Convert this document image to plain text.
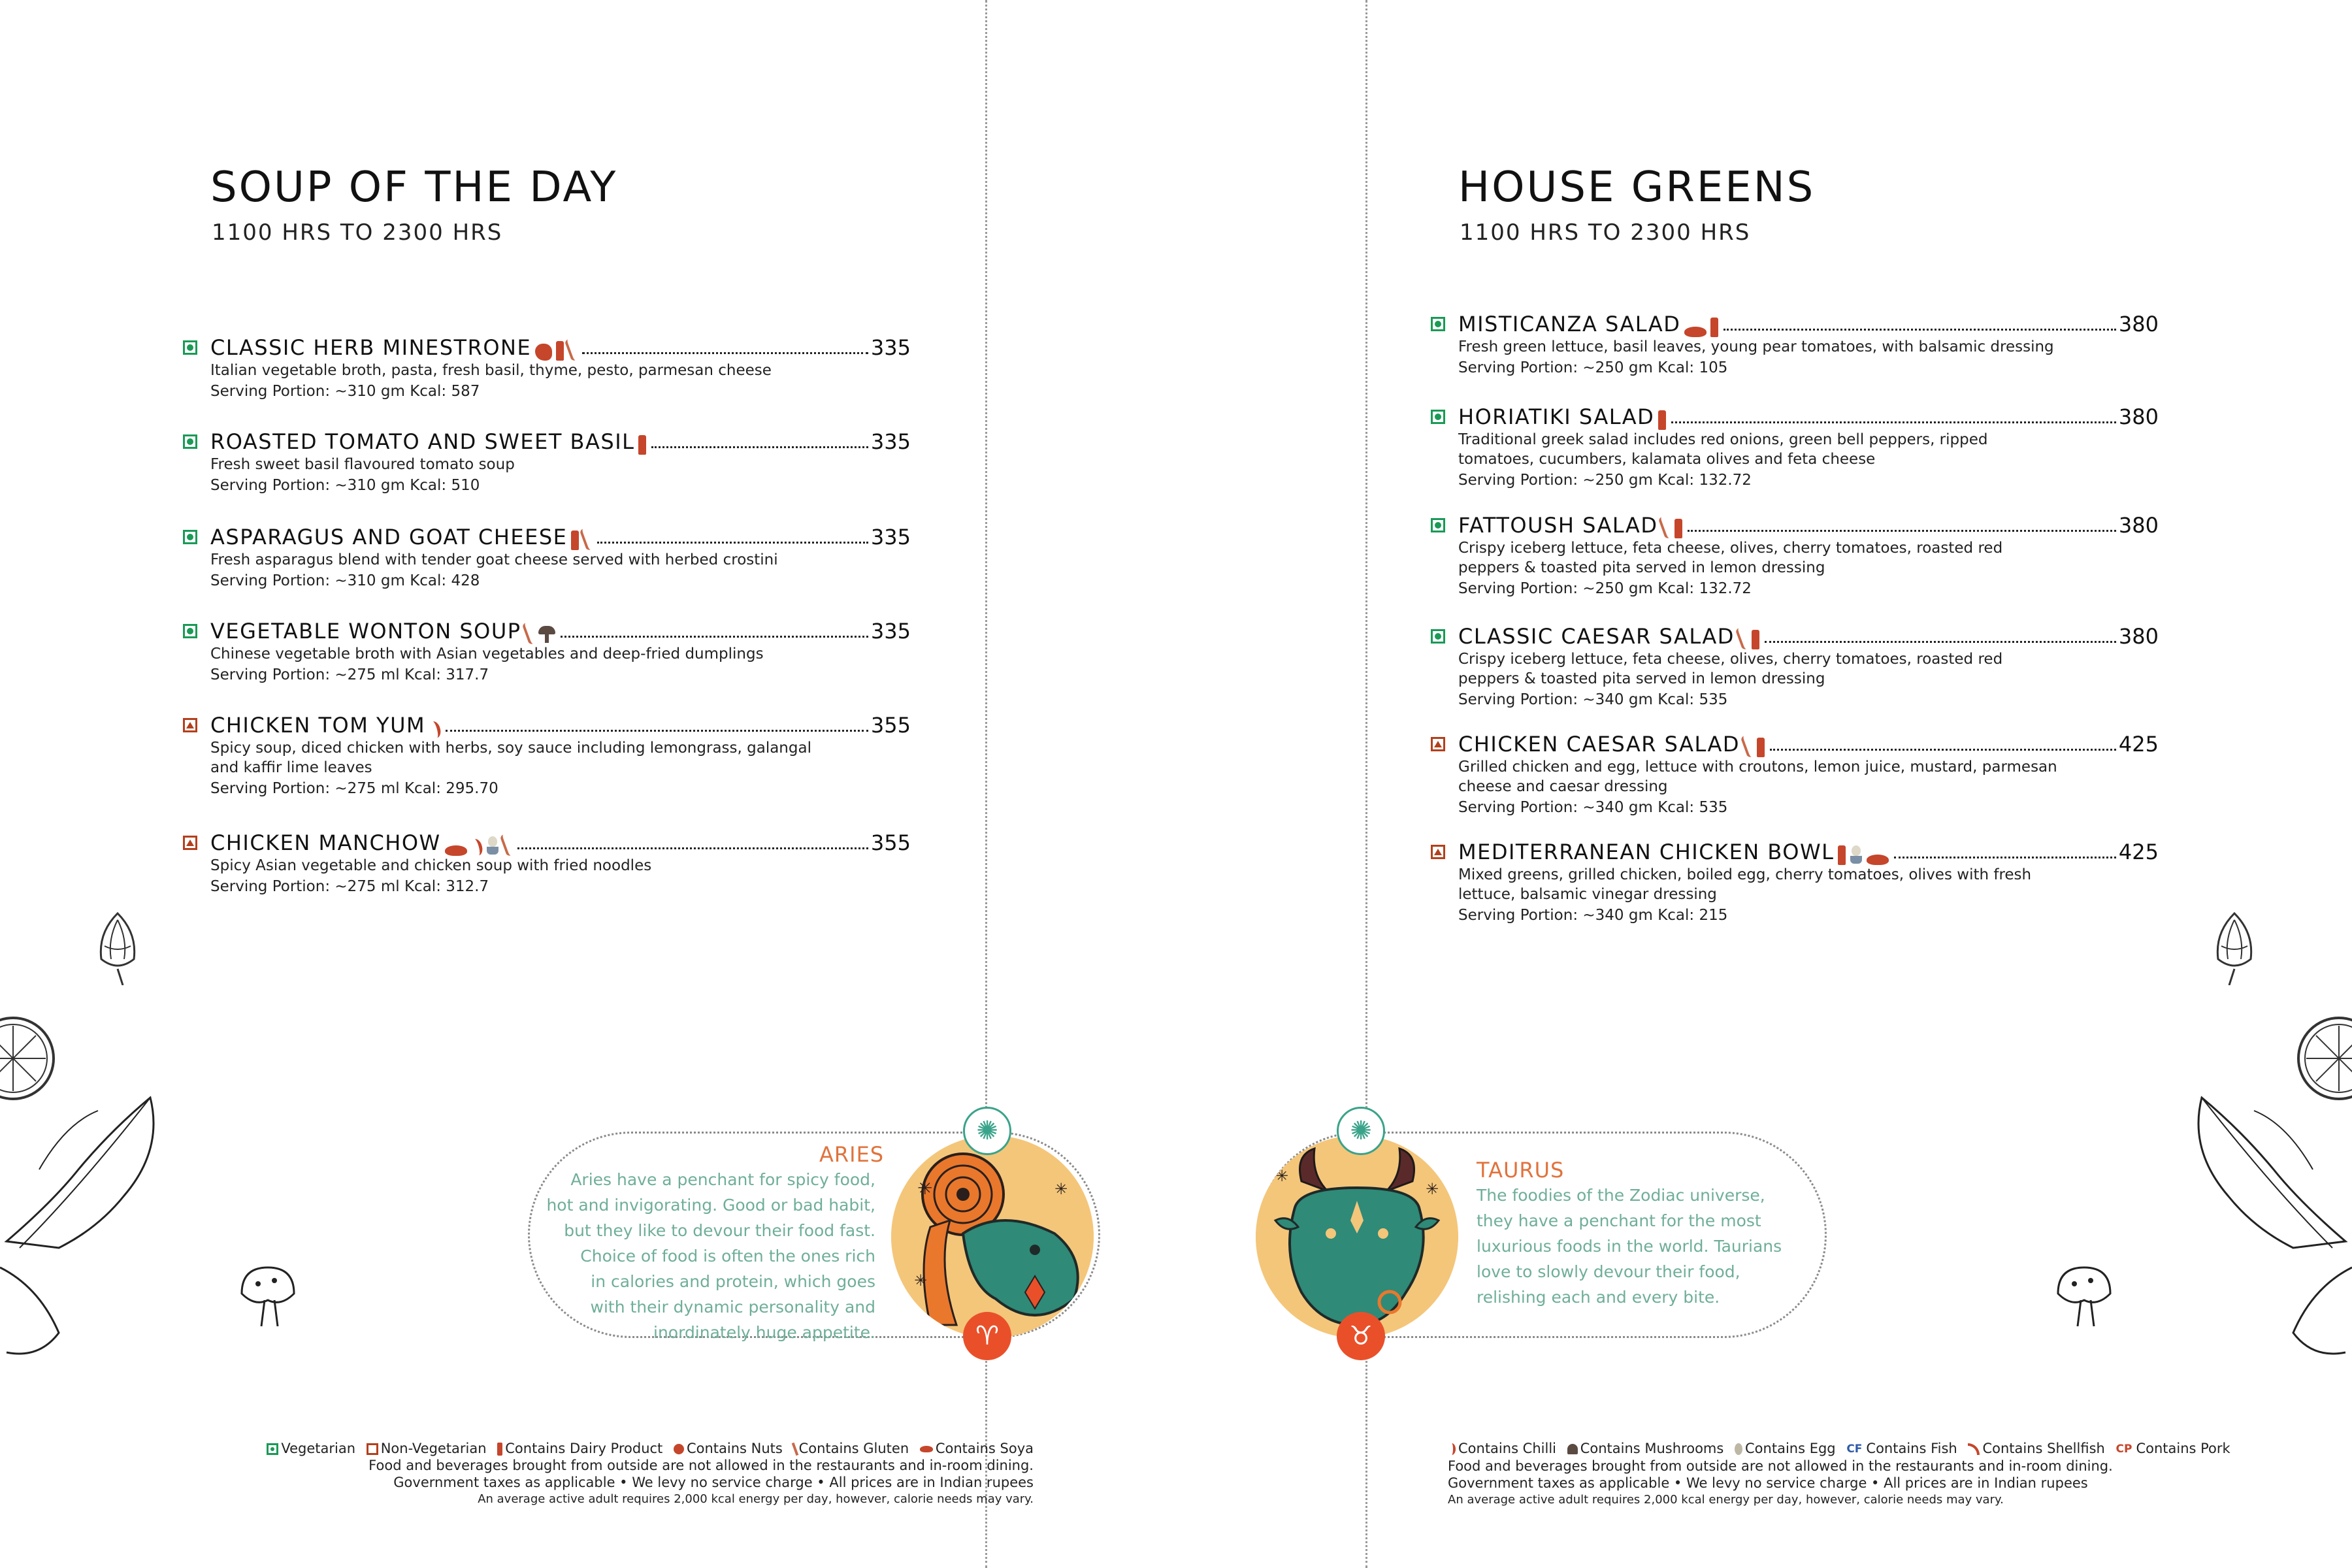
SOUP OF THE DAY
1100 HRS TO 2300 HRS
CLASSIC HERB MINESTRONE	335
Italian vegetable broth, pasta, fresh basil, thyme, pesto, parmesan cheese
Serving Portion: ~310 gm Kcal: 587
ROASTED TOMATO AND SWEET BASIL	335
Fresh sweet basil flavoured tomato soup
Serving Portion: ~310 gm Kcal: 510
ASPARAGUS AND GOAT CHEESE	335
Fresh asparagus blend with tender goat cheese served with herbed crostini
Serving Portion: ~310 gm Kcal: 428
VEGETABLE WONTON SOUP	335
Chinese vegetable broth with Asian vegetables and deep-fried dumplings
Serving Portion: ~275 ml Kcal: 317.7
CHICKEN TOM YUM	355
Spicy soup, diced chicken with herbs, soy sauce including lemongrass, galangal
and kaffir lime leaves
Serving Portion: ~275 ml Kcal: 295.70
CHICKEN MANCHOW	355
Spicy Asian vegetable and chicken soup with fried noodles
Serving Portion: ~275 ml Kcal: 312.7
ARIES
Aries have a penchant for spicy food,
hot and invigorating. Good or bad habit,
but they like to devour their food fast.
Choice of food is often the ones rich
in calories and protein, which goes
with their dynamic personality and
inordinately huge appetite.
✳
✳
✳
✺
♈
Vegetarian Non-Vegetarian Contains Dairy Product Contains Nuts Contains Gluten Contains Soya
Food and beverages brought from outside are not allowed in the restaurants and in-room dining.
Government taxes as applicable • We levy no service charge • All prices are in Indian rupees
An average active adult requires 2,000 kcal energy per day, however, calorie needs may vary.
HOUSE GREENS
1100 HRS TO 2300 HRS
MISTICANZA SALAD	380
Fresh green lettuce, basil leaves, young pear tomatoes, with balsamic dressing
Serving Portion: ~250 gm Kcal: 105
HORIATIKI SALAD	380
Traditional greek salad includes red onions, green bell peppers, ripped
tomatoes, cucumbers, kalamata olives and feta cheese
Serving Portion: ~250 gm Kcal: 132.72
FATTOUSH SALAD	380
Crispy iceberg lettuce, feta cheese, olives, cherry tomatoes, roasted red
peppers & toasted pita served in lemon dressing
Serving Portion: ~250 gm Kcal: 132.72
CLASSIC CAESAR SALAD	380
Crispy iceberg lettuce, feta cheese, olives, cherry tomatoes, roasted red
peppers & toasted pita served in lemon dressing
Serving Portion: ~340 gm Kcal: 535
CHICKEN CAESAR SALAD	425
Grilled chicken and egg, lettuce with croutons, lemon juice, mustard, parmesan
cheese and caesar dressing
Serving Portion: ~340 gm Kcal: 535
MEDITERRANEAN CHICKEN BOWL	425
Mixed greens, grilled chicken, boiled egg, cherry tomatoes, olives with fresh
lettuce, balsamic vinegar dressing
Serving Portion: ~340 gm Kcal: 215
✳
✳
✺
♉
TAURUS
The foodies of the Zodiac universe,
they have a penchant for the most
luxurious foods in the world. Taurians
love to slowly devour their food,
relishing each and every bite.
Contains Chilli Contains Mushrooms Contains Egg CF Contains Fish Contains Shellfish CP Contains Pork
Food and beverages brought from outside are not allowed in the restaurants and in-room dining.
Government taxes as applicable • We levy no service charge • All prices are in Indian rupees
An average active adult requires 2,000 kcal energy per day, however, calorie needs may vary.
